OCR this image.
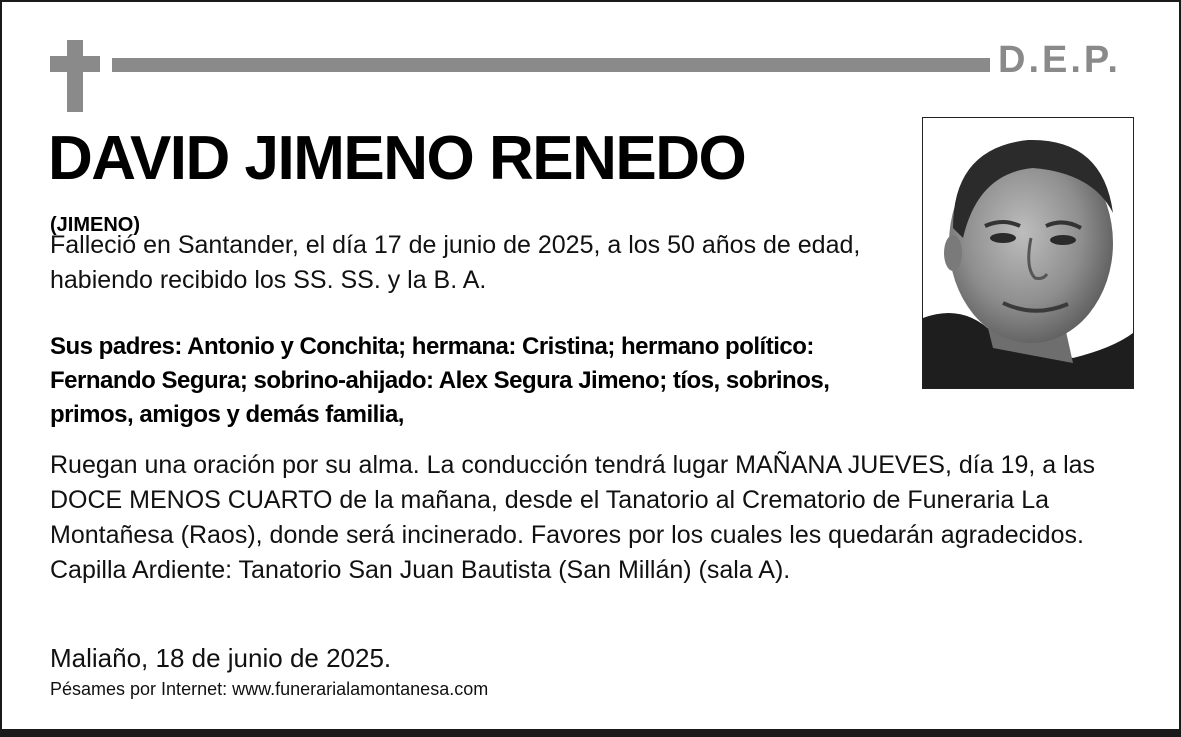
D.E.P.
DAVID JIMENO RENEDO
(JIMENO)

Falleció en Santander, el día 17 de junio de 2025, a los 50 años de edad, habiendo recibido los SS. SS. y la B. A.

Sus padres: Antonio y Conchita; hermana: Cristina; hermano político: Fernando Segura; sobrino-ahijado: Alex Segura Jimeno; tíos, sobrinos, primos, amigos y demás familia,

Ruegan una oración por su alma. La conducción tendrá lugar MAÑANA JUEVES, día 19, a las DOCE MENOS CUARTO de la mañana, desde el Tanatorio al Crematorio de Funeraria La Montañesa (Raos), donde será incinerado. Favores por los cuales les quedarán agradecidos. Capilla Ardiente: Tanatorio San Juan Bautista (San Millán) (sala A).

Maliaño, 18 de junio de 2025.
Pésames por Internet: www.funerarialamontanesa.com
